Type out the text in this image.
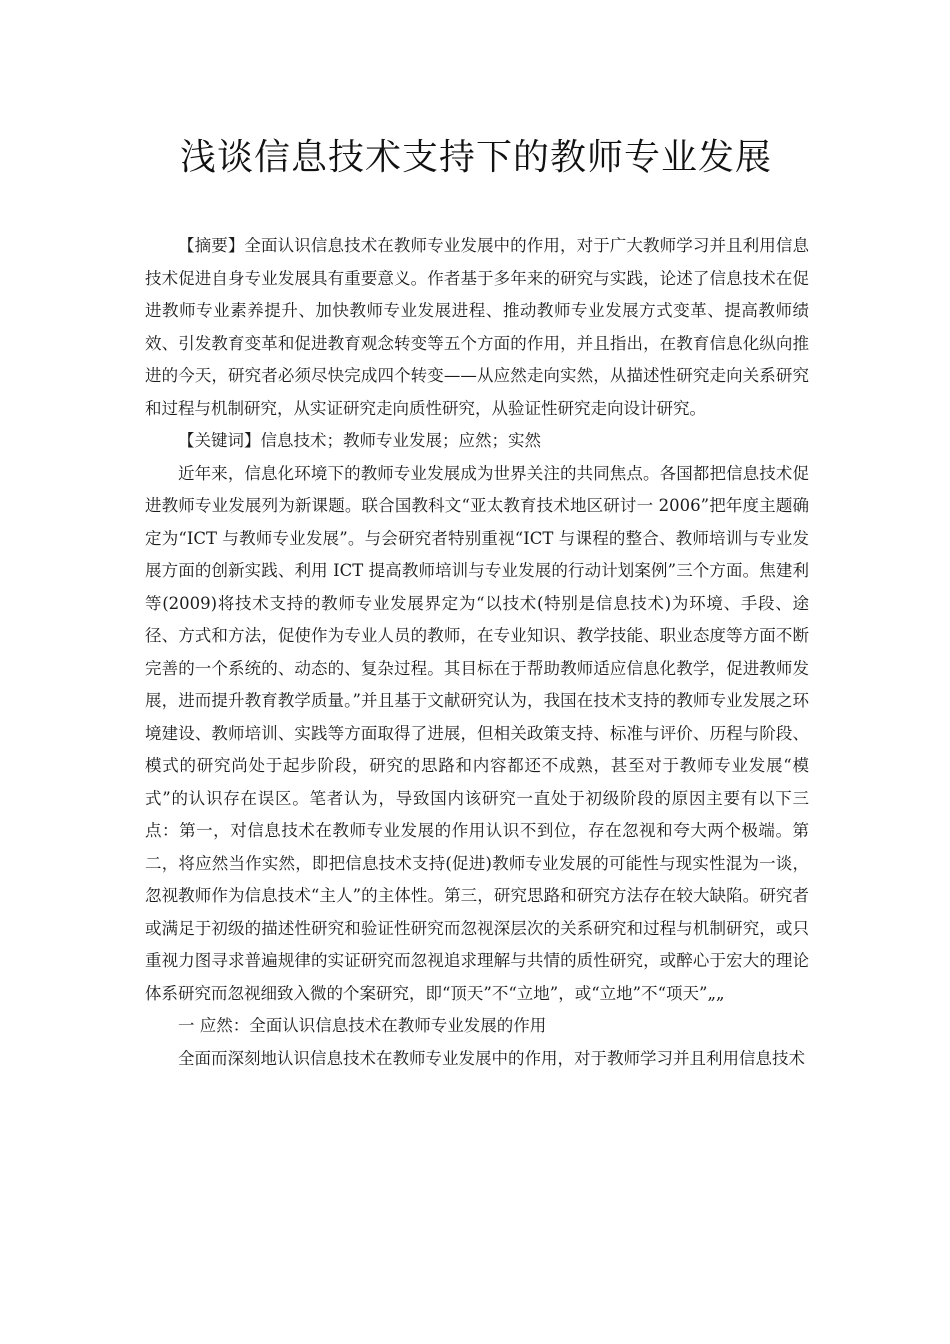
浅谈信息技术支持下的教师专业发展

【摘要】全面认识信息技术在教师专业发展中的作用，对于广大教师学习并且利用信息技术促进自身专业发展具有重要意义。作者基于多年来的研究与实践，论述了信息技术在促进教师专业素养提升、加快教师专业发展进程、推动教师专业发展方式变革、提高教师绩效、引发教育变革和促进教育观念转变等五个方面的作用，并且指出，在教育信息化纵向推进的今天，研究者必须尽快完成四个转变——从应然走向实然，从描述性研究走向关系研究和过程与机制研究，从实证研究走向质性研究，从验证性研究走向设计研究。

【关键词】信息技术；教师专业发展；应然；实然

近年来，信息化环境下的教师专业发展成为世界关注的共同焦点。各国都把信息技术促进教师专业发展列为新课题。联合国教科文“亚太教育技术地区研讨一 2006”把年度主题确定为“ICT 与教师专业发展”。与会研究者特别重视“ICT 与课程的整合、教师培训与专业发展方面的创新实践、利用 ICT 提高教师培训与专业发展的行动计划案例”三个方面。焦建利等(2009)将技术支持的教师专业发展界定为“以技术(特别是信息技术)为环境、手段、途径、方式和方法，促使作为专业人员的教师，在专业知识、教学技能、职业态度等方面不断完善的一个系统的、动态的、复杂过程。其目标在于帮助教师适应信息化教学，促进教师发展，进而提升教育教学质量。”并且基于文献研究认为，我国在技术支持的教师专业发展之环境建设、教师培训、实践等方面取得了进展，但相关政策支持、标准与评价、历程与阶段、模式的研究尚处于起步阶段，研究的思路和内容都还不成熟，甚至对于教师专业发展“模式”的认识存在误区。笔者认为，导致国内该研究一直处于初级阶段的原因主要有以下三点：第一，对信息技术在教师专业发展的作用认识不到位，存在忽视和夸大两个极端。第二，将应然当作实然，即把信息技术支持(促进)教师专业发展的可能性与现实性混为一谈，忽视教师作为信息技术“主人”的主体性。第三，研究思路和研究方法存在较大缺陷。研究者或满足于初级的描述性研究和验证性研究而忽视深层次的关系研究和过程与机制研究，或只重视力图寻求普遍规律的实证研究而忽视追求理解与共情的质性研究，或醉心于宏大的理论体系研究而忽视细致入微的个案研究，即“顶天”不“立地”，或“立地”不“项天”„„

一 应然：全面认识信息技术在教师专业发展的作用

全面而深刻地认识信息技术在教师专业发展中的作用，对于教师学习并且利用信息技术
